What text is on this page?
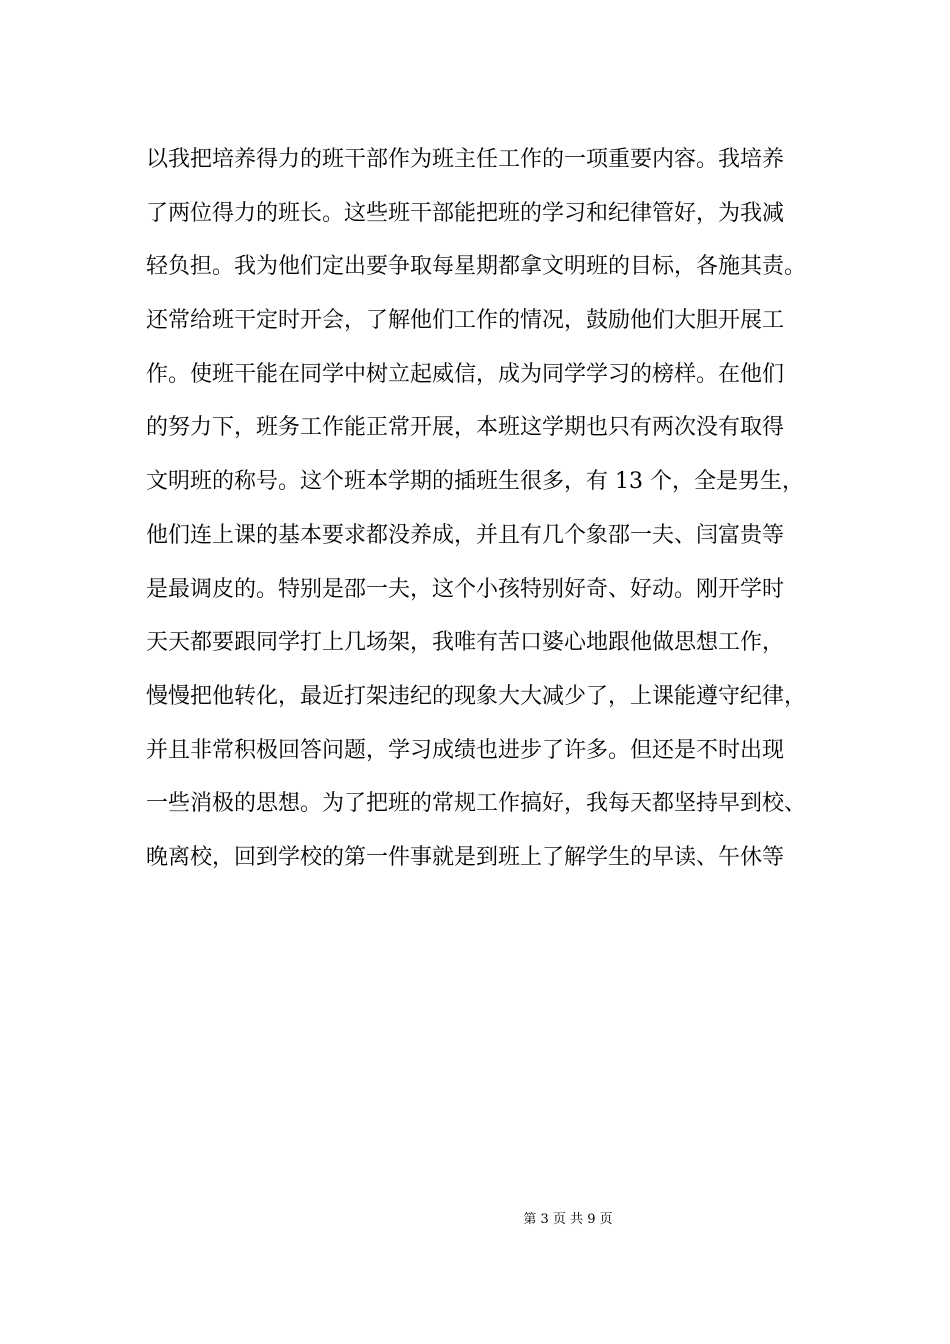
以我把培养得力的班干部作为班主任工作的一项重要内容。我培养
了两位得力的班长。这些班干部能把班的学习和纪律管好，为我减
轻负担。我为他们定出要争取每星期都拿文明班的目标，各施其责。
还常给班干定时开会，了解他们工作的情况，鼓励他们大胆开展工
作。使班干能在同学中树立起威信，成为同学学习的榜样。在他们
的努力下，班务工作能正常开展，本班这学期也只有两次没有取得
文明班的称号。这个班本学期的插班生很多，有 13 个，全是男生，
他们连上课的基本要求都没养成，并且有几个象邵一夫、闫富贵等
是最调皮的。特别是邵一夫，这个小孩特别好奇、好动。刚开学时
天天都要跟同学打上几场架，我唯有苦口婆心地跟他做思想工作，
慢慢把他转化，最近打架违纪的现象大大减少了，上课能遵守纪律，
并且非常积极回答问题，学习成绩也进步了许多。但还是不时出现
一些消极的思想。为了把班的常规工作搞好，我每天都坚持早到校、
晚离校，回到学校的第一件事就是到班上了解学生的早读、午休等
第 3 页 共 9 页
